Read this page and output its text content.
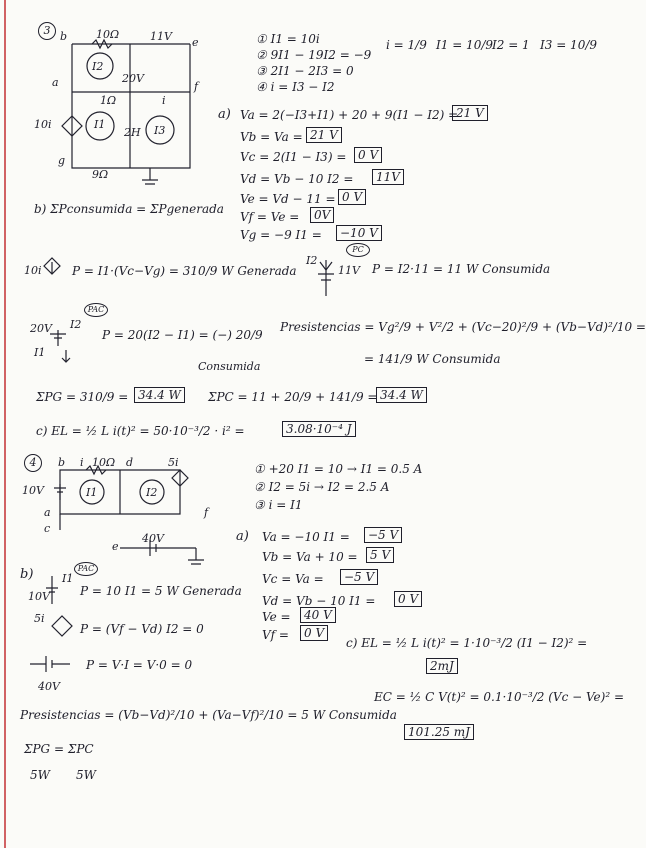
3 b	10Ω	11V e
I2
f
20V
a
1Ω	i
10i	I1
2H I3
g
9Ω
① I1 = 10i
② 9I1 − 19I2 = −9
③ 2I1 − 2I3 = 0
④ i = I3 − I2
i = 1/9 I1 = 10/9
I2 = 1 I3 = 10/9
a) Va = 2(−I3+I1) + 20 + 9(I1 − I2) =
21 V
Vb = Va = 21 V
Vc = 2(I1 − I3) = 0 V
Vd = Vb − 10 I2 =	11V
Ve = Vd − 11 = 0 V
Vf = Ve =	0V
Vg = −9 I1 =	−10 V
b) ΣPconsumida = ΣPgenerada
PC
I2
11V P = I2·11 = 11 W Consumida
10i	P = I1·(Vc−Vg) = 310/9 W Generada
PAC
20V I2
I1
P = 20(I2 − I1) = (−) 20/9
Consumida
Presistencias = Vg²/9 + V²/2 + (Vc−20)²/9 + (Vb−Vd)²/10 =
= 141/9 W Consumida
ΣPG = 310/9 = 34.4 W	ΣPC = 11 + 20/9 + 141/9 = 34.4 W
c) EL = ½ L i(t)² = 50·10⁻³/2 · i² =	3.08·10⁻⁴ J
4	b i 10Ω d	5i
10V	I1	I2
a
c
f
e
40V
① +20 I1 = 10 → I1 = 0.5 A
② I2 = 5i → I2 = 2.5 A
③ i = I1
a) Va = −10 I1 =	−5 V
Vb = Va + 10 =	5 V
Vc = Va =	−5 V
Vd = Vb − 10 I1 =	0 V
Ve =	40 V
Vf =	0 V
b)	PAC
I1
10V	P = 10 I1 = 5 W Generada
5i
P = (Vf − Vd) I2 = 0
P = V·I = V·0 = 0
40V
Presistencias = (Vb−Vd)²/10 + (Va−Vf)²/10 = 5 W Consumida
ΣPG = ΣPC
5W 5W
c) EL = ½ L i(t)² = 1·10⁻³/2 (I1 − I2)² =
2mJ
EC = ½ C V(t)² = 0.1·10⁻³/2 (Vc − Ve)² =
101.25 mJ
